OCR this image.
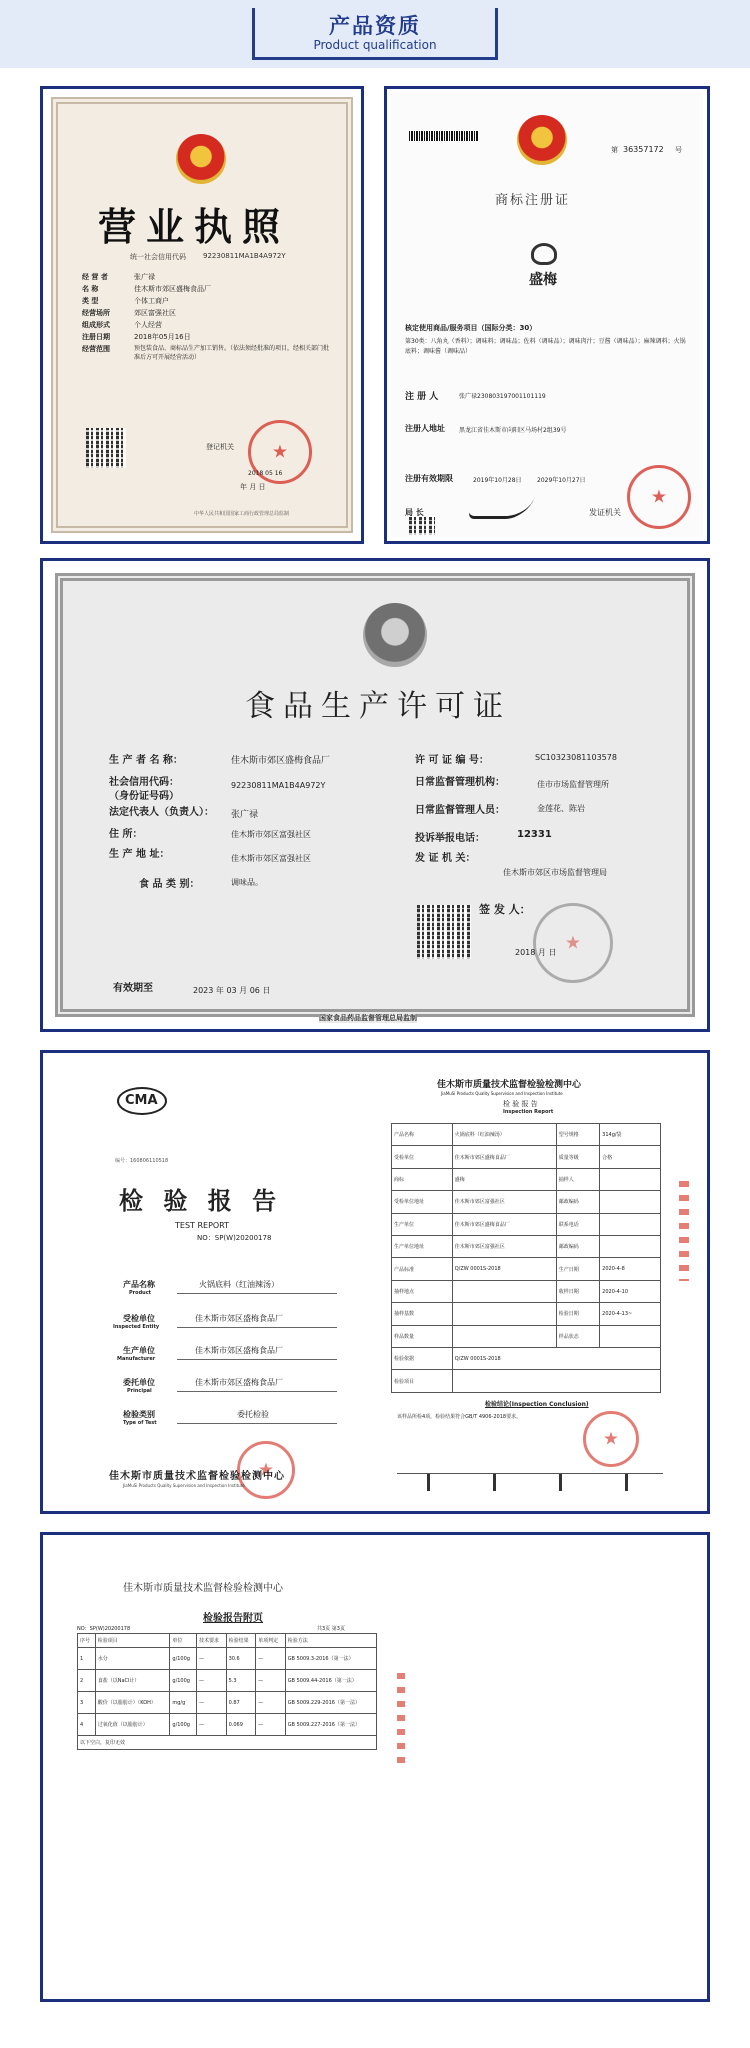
产品资质
Product qualification
营业执照
统一社会信用代码 92230811MA1B4A972Y
经 营 者	张广禄
名 称	佳木斯市郊区盛梅食品厂
类 型	个体工商户
经营场所	郊区富强社区
组成形式	个人经营
注册日期	2018年05月16日
经营范围	预包装食品、商标品生产加工销售。（依法须经批准的项目，经相关部门批准后方可开展经营活动）
★
登记机关
2018 05 16
年 月 日
中华人民共和国国家工商行政管理总局监制
第 36357172 号
商标注册证
盛梅
核定使用商品/服务项目（国际分类：30）
第30类：八角丸（香料）；调味料；调味品；佐料（调味品）；调味肉汁；豆酱（调味品）；麻辣调料；火锅底料；调味酱（调味品）
注 册 人	张广禄230803197001101119
注册人地址 黑龙江省佳木斯市向阳区马场村2组39号
注册有效期限	2019年10月28日	2029年10月27日
局 长	发证机关
★
食品生产许可证
生 产 者 名 称：	佳木斯市郊区盛梅食品厂
社会信用代码：
（身份证号码）
92230811MA1B4A972Y
法定代表人（负责人）： 张广禄
住 所：	佳木斯市郊区富强社区
生 产 地 址：	佳木斯市郊区富强社区
食 品 类 别：	调味品。
许 可 证 编 号：	SC10323081103578
日常监督管理机构：	佳市市场监督管理所
日常监督管理人员：	金莲花、陈岩
投诉举报电话：	12331
发 证 机 关：
佳木斯市郊区市场监督管理局
签 发 人：
★
2018 月 日
有效期至	2023 年 03 月 06 日
国家食品药品监督管理总局监制
CMA
编号：160806110518
检 验 报 告
TEST REPORT
NO：SP(W)20200178
产品名称
Product
火锅底料（红油辣汤）
受检单位
Inspected Entity
佳木斯市郊区盛梅食品厂
生产单位
Manufacturer
佳木斯市郊区盛梅食品厂
委托单位
Principal
佳木斯市郊区盛梅食品厂
检验类别
Type of Test
委托检验
★
佳木斯市质量技术监督检验检测中心
JiaMuSi Products Quality Supervision and Inspection Institute
佳木斯市质量技术监督检验检测中心
JiaMuSi Products Quality Supervision and Inspection Institute
检 验 报 告
Inspection Report
产品名称	火锅底料（红油辣汤）	型号规格	314g/袋
受检单位	佳木斯市郊区盛梅食品厂	质量等级	合格
商标	盛梅	抽样人	
受检单位地址	佳木斯市郊区富强社区	邮政编码	
生产单位	佳木斯市郊区盛梅食品厂	联系电话	
生产单位地址	佳木斯市郊区富强社区	邮政编码	
产品标准	Q/ZW 0001S-2018	生产日期	2020-4-8
抽样地点		收样日期	2020-4-10
抽样基数		检验日期	2020-4-13~
样品数量		样品状态	
检验依据	Q/ZW 0001S-2018		
检验项目			
检验结论(Inspection Conclusion)
该样品所检4项，检验结果符合GB/T 4906-2018要求。
★
佳木斯市质量技术监督检验检测中心
检验报告附页
NO：SP(W)20200178	共3页 第3页
序号	检验项目	单位	技术要求	检验结果	单项判定	检验方法
1	水分	g/100g	—	30.6	—	GB 5009.3-2016（第一法）
2	食盐（以NaCl计）	g/100g	—	5.3	—	GB 5009.44-2016（第一法）
3	酸价（以脂肪计）（KOH）	mg/g	—	0.87	—	GB 5009.229-2016（第一法）
4	过氧化值（以脂肪计）	g/100g	—	0.069	—	GB 5009.227-2016（第一法）
以下空白，复印无效						
